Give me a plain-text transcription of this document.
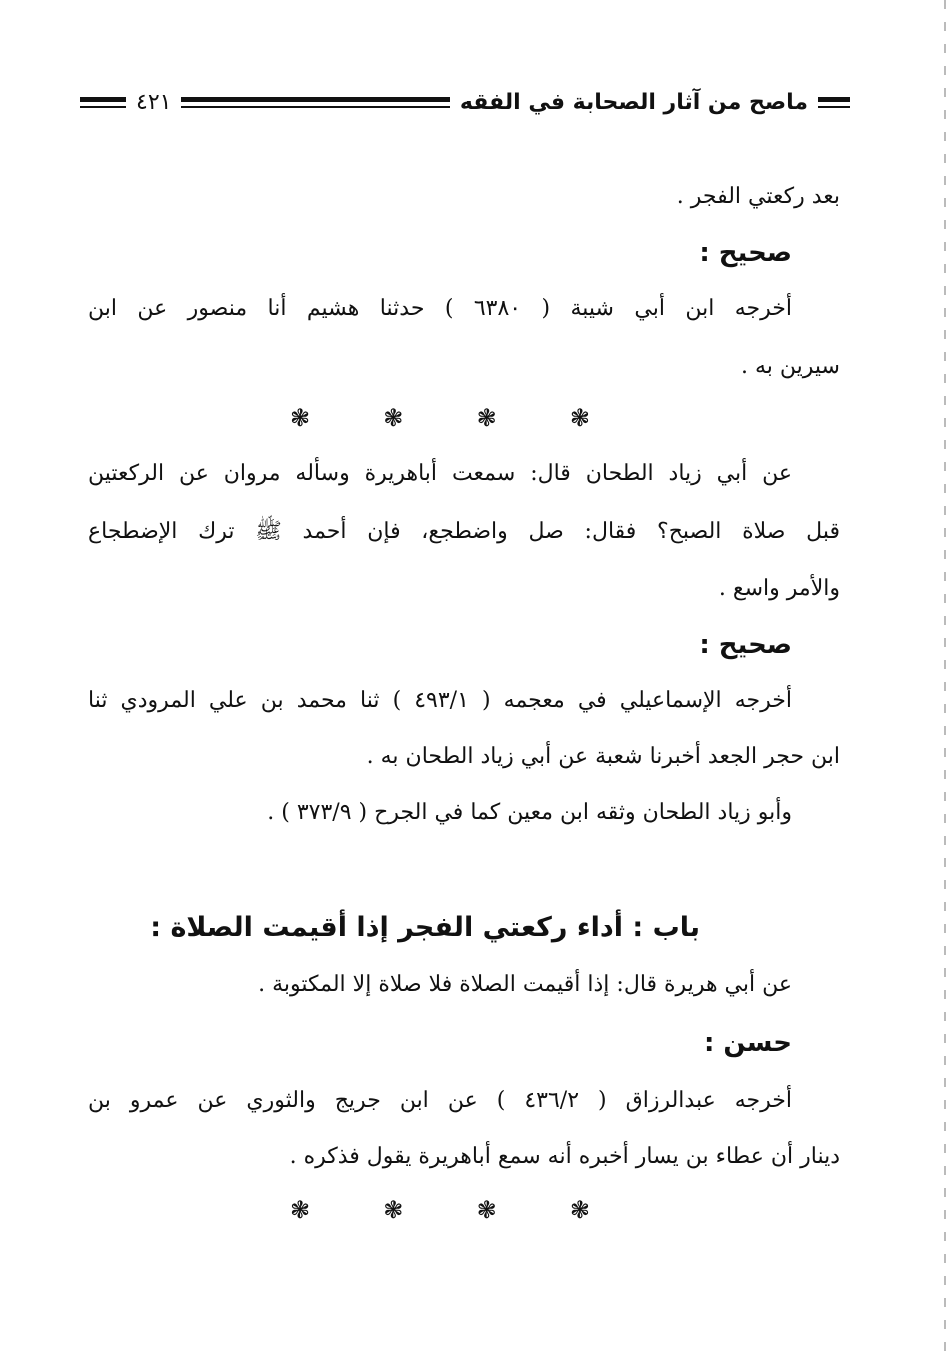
ماصح من آثار الصحابة في الفقه
٤٢١
بعد ركعتي الفجر .
صحيح :
أخرجه ابن أبي شيبة ( ٦٣٨٠ ) حدثنا هشيم أنا منصور عن ابن
سيرين به .
❃	❃	❃	❃
عن أبي زياد الطحان قال: سمعت أباهريرة وسأله مروان عن الركعتين
قبل صلاة الصبح؟ فقال: صل واضطجع، فإن أحمد ﷺ ترك الإضطجاع
والأمر واسع .
صحيح :
أخرجه الإسماعيلي في معجمه ( ٤٩٣/١ ) ثنا محمد بن علي المرودي ثنا
ابن حجر الجعد أخبرنا شعبة عن أبي زياد الطحان به .
وأبو زياد الطحان وثقه ابن معين كما في الجرح ( ٣٧٣/٩ ) .
باب : أداء ركعتي الفجر إذا أقيمت الصلاة :
عن أبي هريرة قال: إذا أقيمت الصلاة فلا صلاة إلا المكتوبة .
حسن :
أخرجه عبدالرزاق ( ٤٣٦/٢ ) عن ابن جريج والثوري عن عمرو بن
دينار أن عطاء بن يسار أخبره أنه سمع أباهريرة يقول فذكره .
❃	❃	❃	❃
